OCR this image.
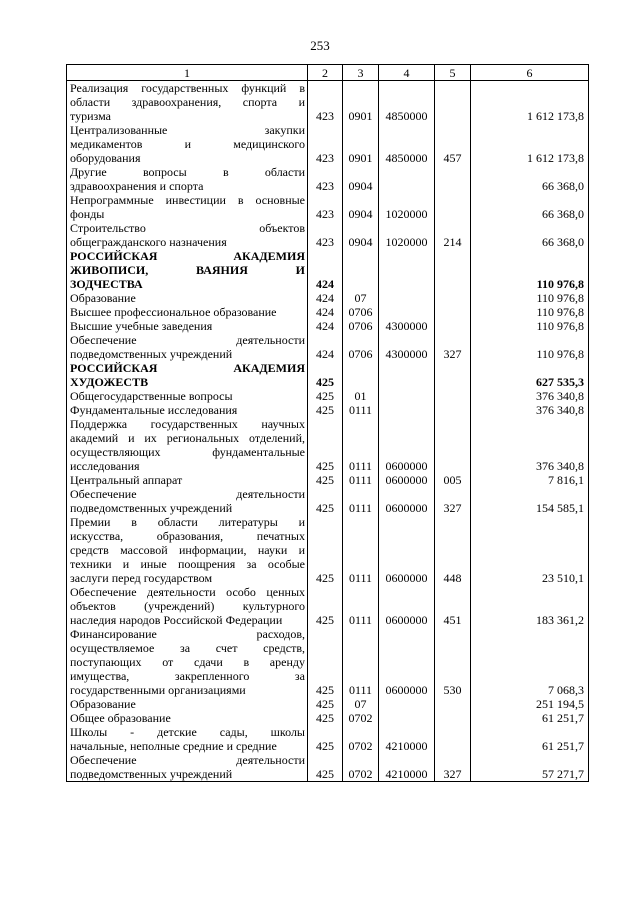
253
1	2	3	4	5	6

Реализация государственных функций в
области здравоохранения, спорта и
туризма	423	0901	4850000		1 612 173,8

Централизованные закупки
медикаментов и медицинского
оборудования	423	0901	4850000	457	1 612 173,8

Другие вопросы в области
здравоохранения и спорта	423	0904			66 368,0

Непрограммные инвестиции в основные
фонды	423	0904	1020000		66 368,0

Строительство объектов
общегражданского назначения	423	0904	1020000	214	66 368,0

РОССИЙСКАЯ АКАДЕМИЯ
ЖИВОПИСИ, ВАЯНИЯ И
ЗОДЧЕСТВА	424				110 976,8

Образование	424	07			110 976,8

Высшее профессиональное образование	424	0706			110 976,8

Высшие учебные заведения	424	0706	4300000		110 976,8

Обеспечение деятельности
подведомственных учреждений	424	0706	4300000	327	110 976,8

РОССИЙСКАЯ АКАДЕМИЯ
ХУДОЖЕСТВ	425				627 535,3

Общегосударственные вопросы	425	01			376 340,8

Фундаментальные исследования	425	0111			376 340,8

Поддержка государственных научных
академий и их региональных отделений,
осуществляющих фундаментальные
исследования	425	0111	0600000		376 340,8

Центральный аппарат	425	0111	0600000	005	7 816,1

Обеспечение деятельности
подведомственных учреждений	425	0111	0600000	327	154 585,1

Премии в области литературы и
искусства, образования, печатных
средств массовой информации, науки и
техники и иные поощрения за особые
заслуги перед государством	425	0111	0600000	448	23 510,1

Обеспечение деятельности особо ценных
объектов (учреждений) культурного
наследия народов Российской Федерации	425	0111	0600000	451	183 361,2

Финансирование расходов,
осуществляемое за счет средств,
поступающих от сдачи в аренду
имущества, закрепленного за
государственными организациями	425	0111	0600000	530	7 068,3

Образование	425	07			251 194,5

Общее образование	425	0702			61 251,7

Школы - детские сады, школы
начальные, неполные средние и средние	425	0702	4210000		61 251,7

Обеспечение деятельности
подведомственных учреждений	425	0702	4210000	327	57 271,7
